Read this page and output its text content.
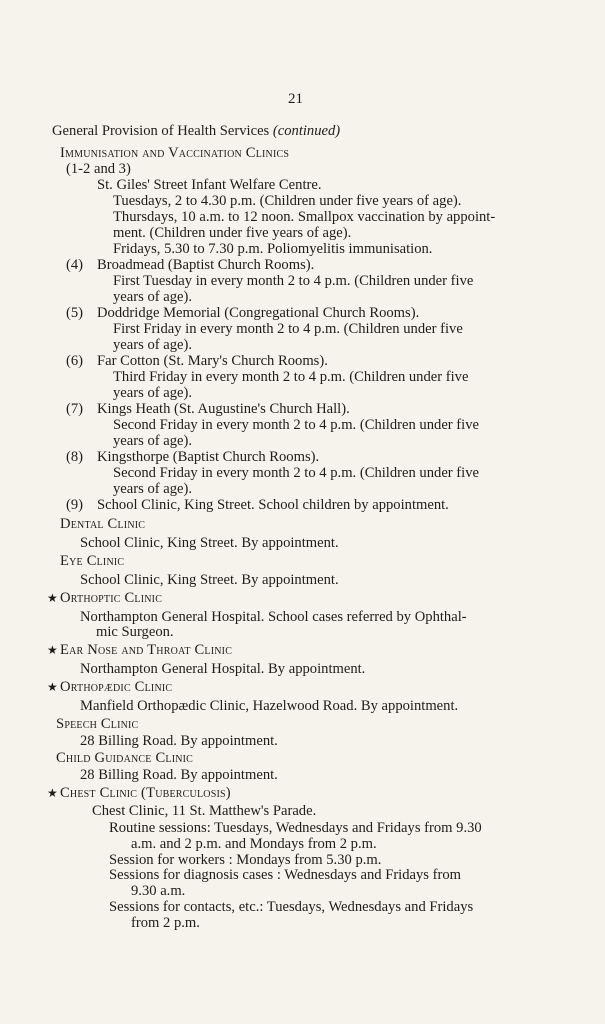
21
General Provision of Health Services (continued)
Immunisation and Vaccination Clinics
(1-2 and 3)
St. Giles' Street Infant Welfare Centre.
Tuesdays, 2 to 4.30 p.m. (Children under five years of age).
Thursdays, 10 a.m. to 12 noon. Smallpox vaccination by appoint-
ment. (Children under five years of age).
Fridays, 5.30 to 7.30 p.m. Poliomyelitis immunisation.
(4) Broadmead (Baptist Church Rooms).
First Tuesday in every month 2 to 4 p.m. (Children under five
years of age).
(5) Doddridge Memorial (Congregational Church Rooms).
First Friday in every month 2 to 4 p.m. (Children under five
years of age).
(6) Far Cotton (St. Mary's Church Rooms).
Third Friday in every month 2 to 4 p.m. (Children under five
years of age).
(7) Kings Heath (St. Augustine's Church Hall).
Second Friday in every month 2 to 4 p.m. (Children under five
years of age).
(8) Kingsthorpe (Baptist Church Rooms).
Second Friday in every month 2 to 4 p.m. (Children under five
years of age).
(9) School Clinic, King Street. School children by appointment.
Dental Clinic
School Clinic, King Street. By appointment.
Eye Clinic
School Clinic, King Street. By appointment.
★ Orthoptic Clinic
Northampton General Hospital. School cases referred by Ophthal-
mic Surgeon.
★ Ear Nose and Throat Clinic
Northampton General Hospital. By appointment.
★ Orthopædic Clinic
Manfield Orthopædic Clinic, Hazelwood Road. By appointment.
Speech Clinic
28 Billing Road. By appointment.
Child Guidance Clinic
28 Billing Road. By appointment.
★ Chest Clinic (Tuberculosis)
Chest Clinic, 11 St. Matthew's Parade.
Routine sessions: Tuesdays, Wednesdays and Fridays from 9.30
a.m. and 2 p.m. and Mondays from 2 p.m.
Session for workers : Mondays from 5.30 p.m.
Sessions for diagnosis cases : Wednesdays and Fridays from
9.30 a.m.
Sessions for contacts, etc.: Tuesdays, Wednesdays and Fridays
from 2 p.m.
